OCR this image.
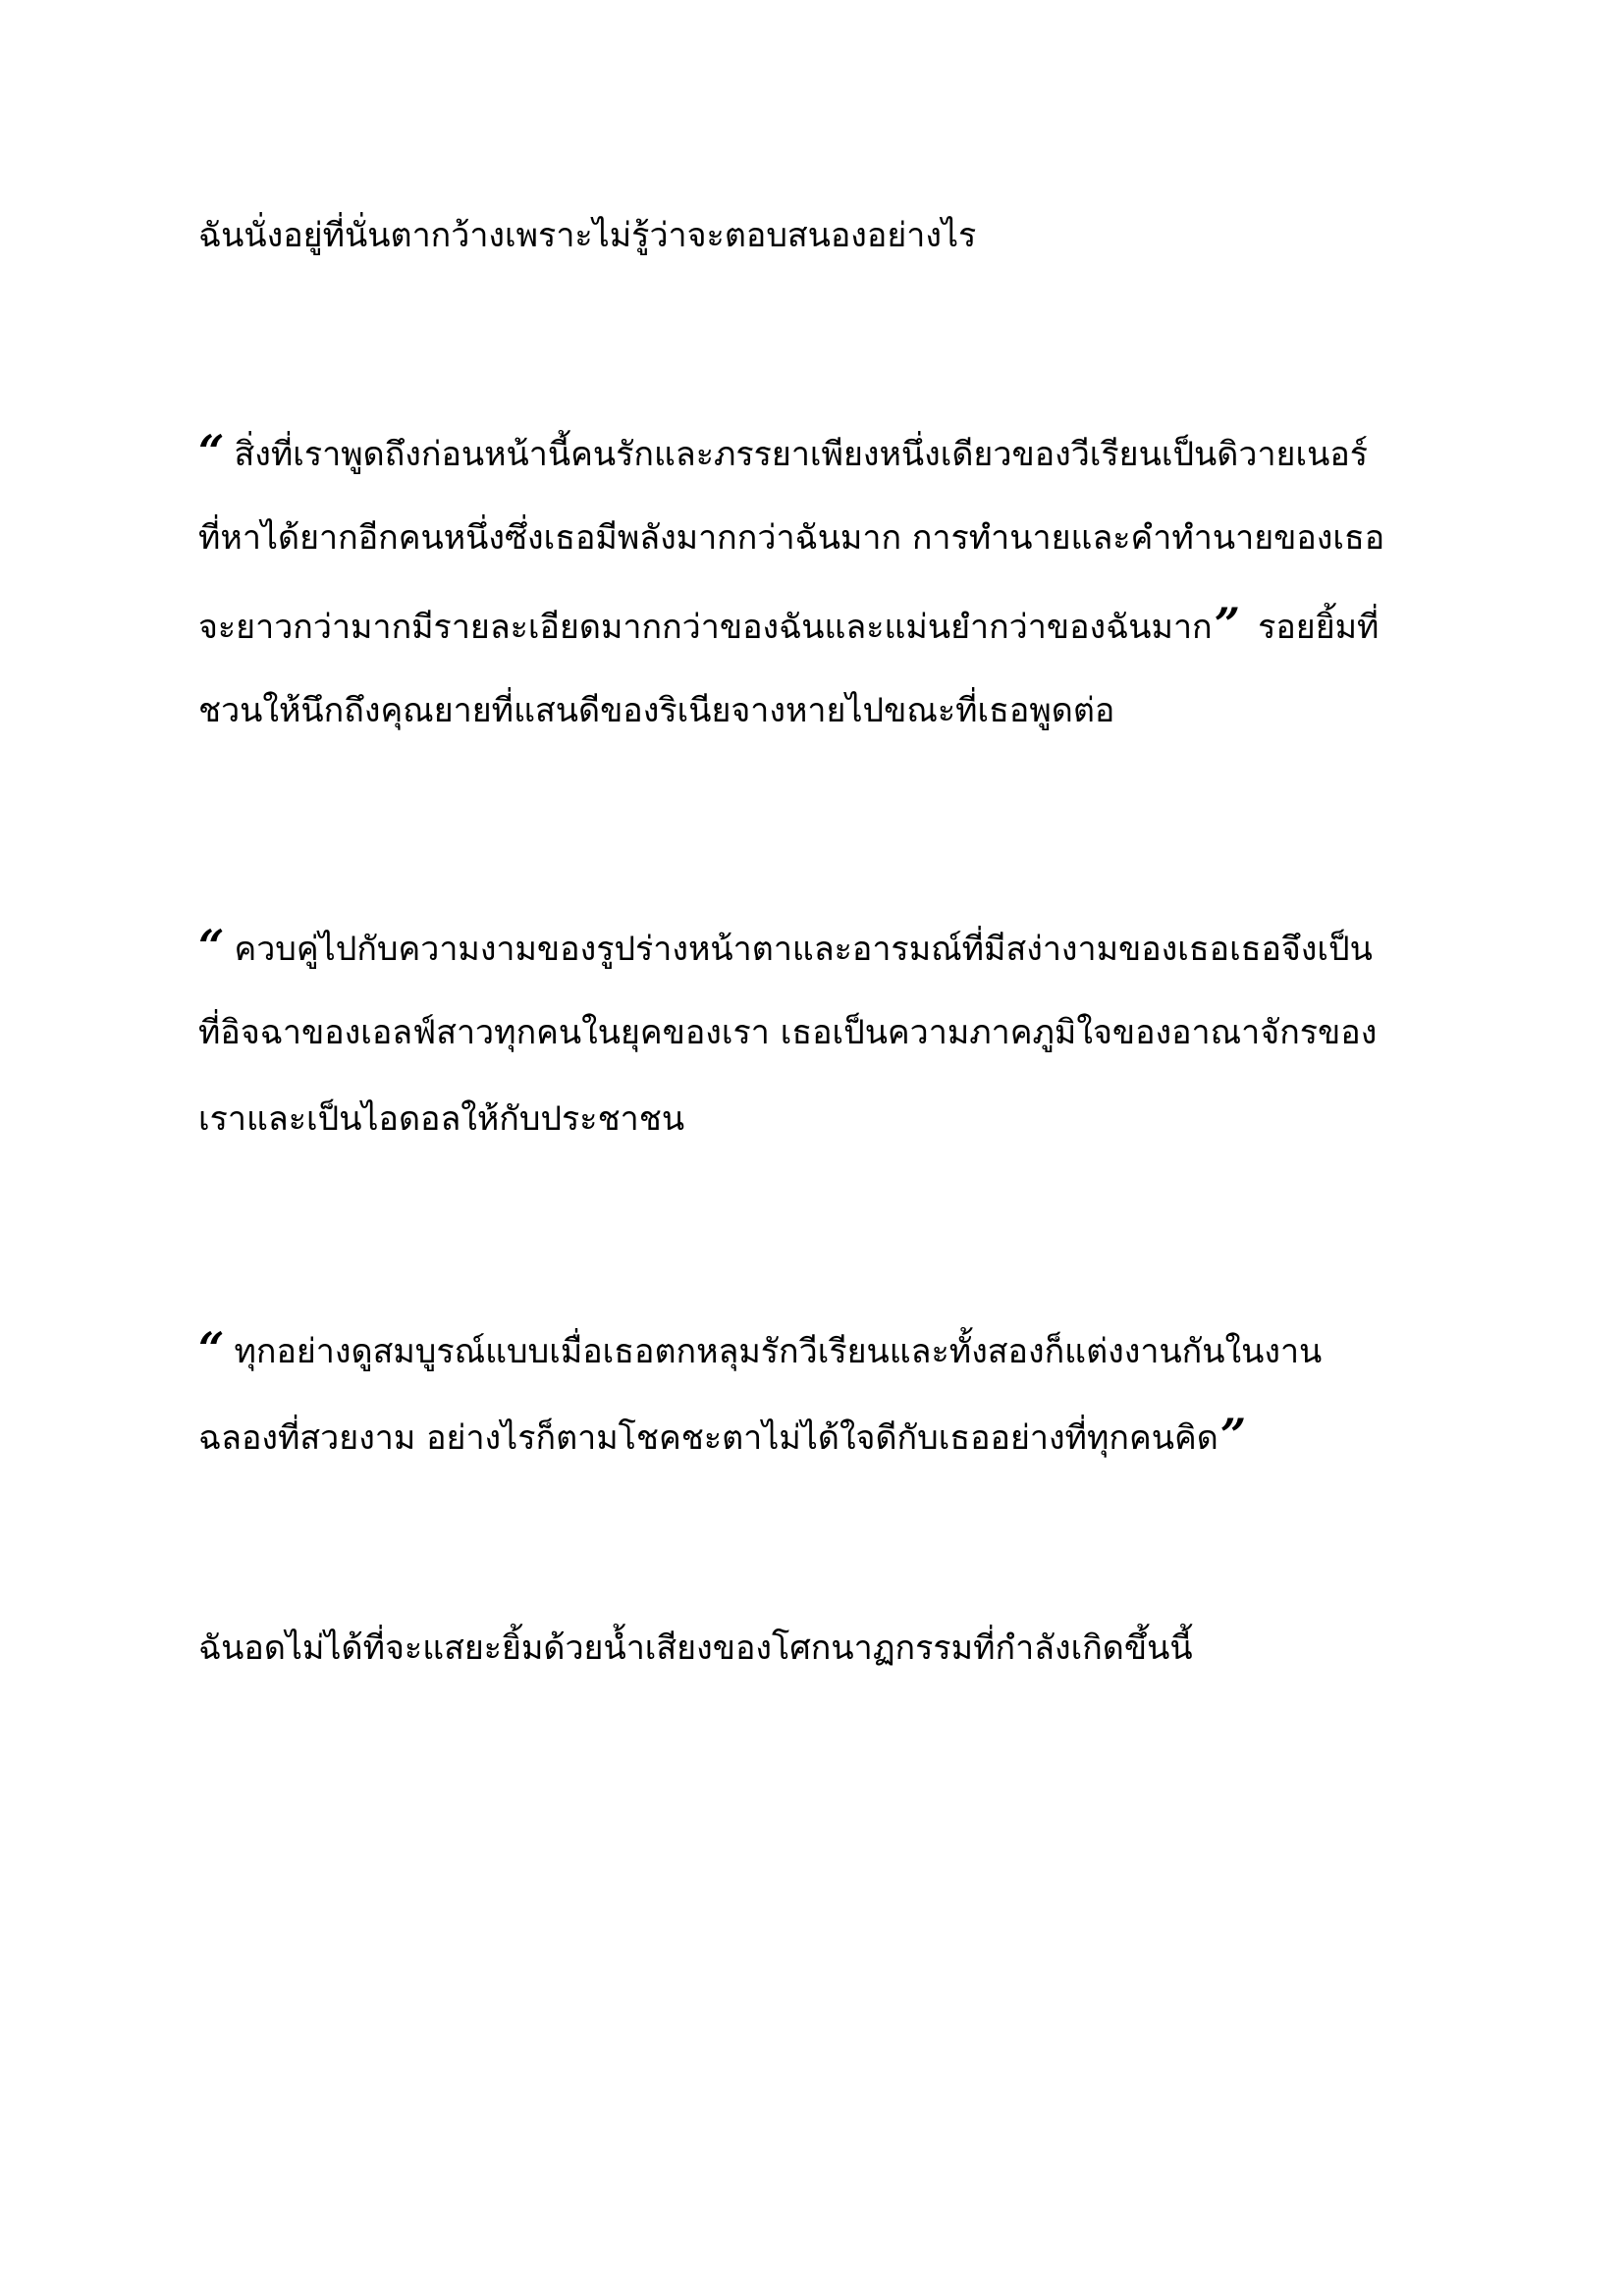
ฉันนั่งอยู่ที่นั่นตากว้างเพราะไม่รู้ว่าจะตอบสนองอย่างไร
“ สิ่งที่เราพูดถึงก่อนหน้านี้คนรักและภรรยาเพียงหนึ่งเดียวของวีเรียนเป็นดิวายเนอร์
ที่หาได้ยากอีกคนหนึ่งซึ่งเธอมีพลังมากกว่าฉันมาก การทำนายและคำทำนายของเธอ
จะยาวกว่ามากมีรายละเอียดมากกว่าของฉันและแม่นยำกว่าของฉันมาก” รอยยิ้มที่
ชวนให้นึกถึงคุณยายที่แสนดีของริเนียจางหายไปขณะที่เธอพูดต่อ
“ ควบคู่ไปกับความงามของรูปร่างหน้าตาและอารมณ์ที่มีสง่างามของเธอเธอจึงเป็น
ที่อิจฉาของเอลฟ์สาวทุกคนในยุคของเรา เธอเป็นความภาคภูมิใจของอาณาจักรของ
เราและเป็นไอดอลให้กับประชาชน
“ ทุกอย่างดูสมบูรณ์แบบเมื่อเธอตกหลุมรักวีเรียนและทั้งสองก็แต่งงานกันในงาน
ฉลองที่สวยงาม อย่างไรก็ตามโชคชะตาไม่ได้ใจดีกับเธออย่างที่ทุกคนคิด”
ฉันอดไม่ได้ที่จะแสยะยิ้มด้วยน้ำเสียงของโศกนาฏกรรมที่กำลังเกิดขึ้นนี้
